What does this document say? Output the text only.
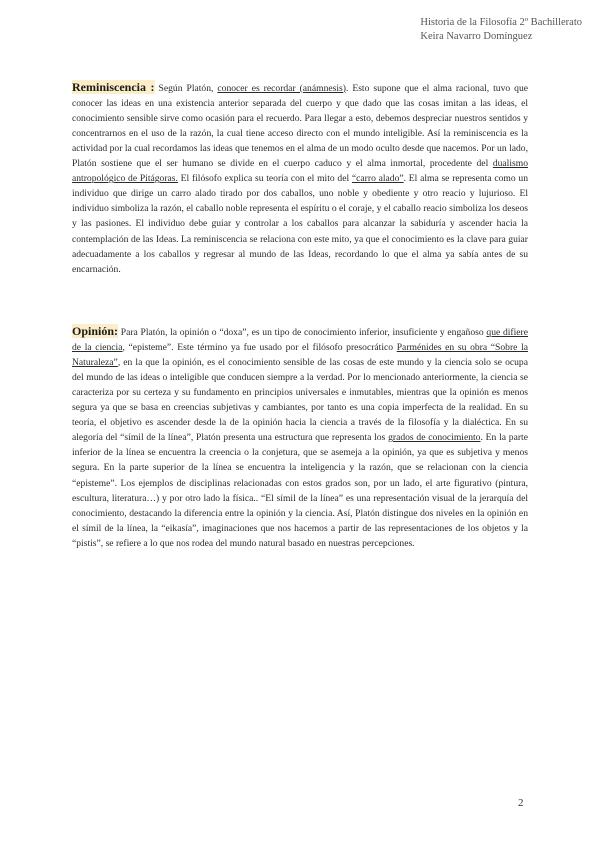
Historia de la Filosofía 2º Bachillerato
Keira Navarro Domínguez

Reminiscencia : Según Platón, conocer es recordar (anámnesis). Esto supone que el alma racional, tuvo que conocer las ideas en una existencia anterior separada del cuerpo y que dado que las cosas imitan a las ideas, el conocimiento sensible sirve como ocasión para el recuerdo. Para llegar a esto, debemos despreciar nuestros sentidos y concentrarnos en el uso de la razón, la cual tiene acceso directo con el mundo inteligible. Así la reminiscencia es la actividad por la cual recordamos las ideas que tenemos en el alma de un modo oculto desde que nacemos. Por un lado, Platón sostiene que el ser humano se divide en el cuerpo caduco y el alma inmortal, procedente del dualismo antropológico de Pitágoras. El filósofo explica su teoría con el mito del “carro alado”. El alma se representa como un individuo que dirige un carro alado tirado por dos caballos, uno noble y obediente y otro reacio y lujurioso. El individuo simboliza la razón, el caballo noble representa el espíritu o el coraje, y el caballo reacio simboliza los deseos y las pasiones. El individuo debe guiar y controlar a los caballos para alcanzar la sabiduría y ascender hacia la contemplación de las Ideas. La reminiscencia se relaciona con este mito, ya que el conocimiento es la clave para guiar adecuadamente a los caballos y regresar al mundo de las Ideas, recordando lo que el alma ya sabía antes de su encarnación.

Opinión: Para Platón, la opinión o “doxa”, es un tipo de conocimiento inferior, insuficiente y engañoso que difiere de la ciencia, “episteme”. Este término ya fue usado por el filósofo presocrático Parménides en su obra “Sobre la Naturaleza”, en la que la opinión, es el conocimiento sensible de las cosas de este mundo y la ciencia solo se ocupa del mundo de las ideas o inteligible que conducen siempre a la verdad. Por lo mencionado anteriormente, la ciencia se caracteriza por su certeza y su fundamento en principios universales e inmutables, mientras que la opinión es menos segura ya que se basa en creencias subjetivas y cambiantes, por tanto es una copia imperfecta de la realidad. En su teoría, el objetivo es ascender desde la de la opinión hacia la ciencia a través de la filosofía y la dialéctica. En su alegoría del “símil de la línea”, Platón presenta una estructura que representa los grados de conocimiento. En la parte inferior de la línea se encuentra la creencia o la conjetura, que se asemeja a la opinión, ya que es subjetiva y menos segura. En la parte superior de la línea se encuentra la inteligencia y la razón, que se relacionan con la ciencia “episteme”. Los ejemplos de disciplinas relacionadas con estos grados son, por un lado, el arte figurativo (pintura, escultura, literatura…) y por otro lado la física.. “El símil de la línea” es una representación visual de la jerarquía del conocimiento, destacando la diferencia entre la opinión y la ciencia. Así, Platón distingue dos niveles en la opinión en el símil de la línea, la “eikasía”, imaginaciones que nos hacemos a partir de las representaciones de los objetos y la “pistis”, se refiere a lo que nos rodea del mundo natural basado en nuestras percepciones.

2
